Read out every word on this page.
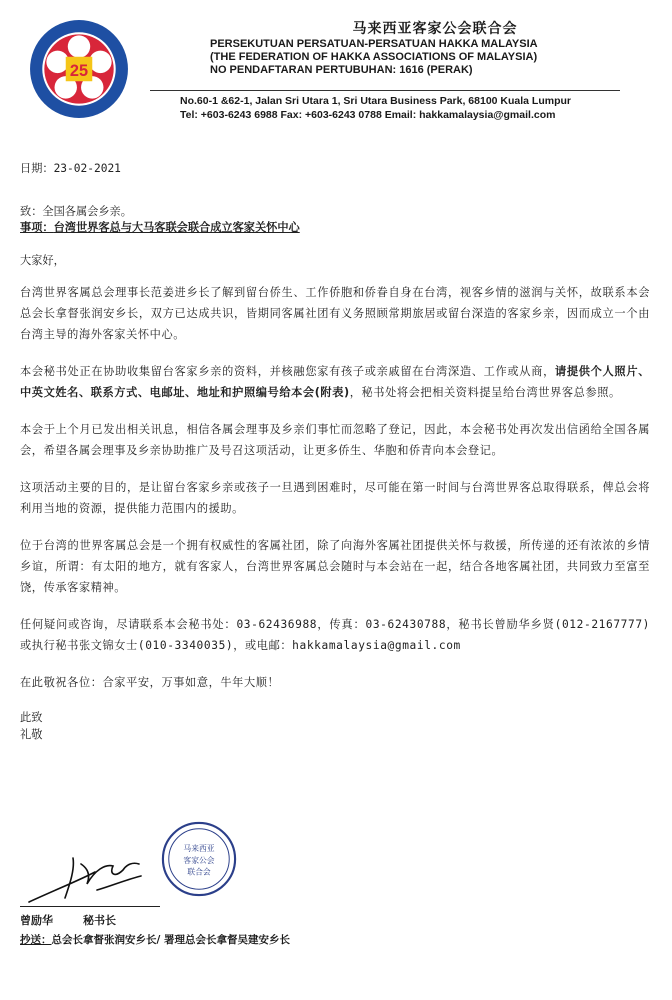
25
马来西亚客家公会联合会
PERSEKUTUAN PERSATUAN-PERSATUAN HAKKA MALAYSIA
(THE FEDERATION OF HAKKA ASSOCIATIONS OF MALAYSIA)
NO PENDAFTARAN PERTUBUHAN: 1616 (PERAK)
No.60-1 &62-1, Jalan Sri Utara 1, Sri Utara Business Park, 68100 Kuala Lumpur
Tel: +603-6243 6988 Fax: +603-6243 0788 Email: hakkamalaysia@gmail.com
日期：23-02-2021
致：全国各属会乡亲。
事项：台湾世界客总与大马客联会联合成立客家关怀中心
大家好，
台湾世界客属总会理事长范姜进乡长了解到留台侨生、工作侨胞和侨眷自身在台湾，视客乡情的滋润与关怀，故联系本会总会长拿督张润安乡长，双方已达成共识，皆期同客属社团有义务照顾常期旅居或留台深造的客家乡亲，因而成立一个由台湾主导的海外客家关怀中心。
本会秘书处正在协助收集留台客家乡亲的资料，并核融您家有孩子或亲戚留在台湾深造、工作或从商，请提供个人照片、中英文姓名、联系方式、电邮址、地址和护照编号给本会(附表)，秘书处将会把相关资料提呈给台湾世界客总参照。
本会于上个月已发出相关讯息，相信各属会理事及乡亲们事忙而忽略了登记，因此，本会秘书处再次发出信函给全国各属会，希望各属会理事及乡亲协助推广及号召这项活动，让更多侨生、华胞和侨青向本会登记。
这项活动主要的目的，是让留台客家乡亲或孩子一旦遇到困难时，尽可能在第一时间与台湾世界客总取得联系，俾总会将利用当地的资源，提供能力范围内的援助。
位于台湾的世界客属总会是一个拥有权威性的客属社团，除了向海外客属社团提供关怀与救援，所传递的还有浓浓的乡情乡谊，所谓：有太阳的地方，就有客家人，台湾世界客属总会随时与本会站在一起，结合各地客属社团，共同致力至富至饶，传承客家精神。
任何疑问或咨询，尽请联系本会秘书处：03-62436988，传真：03-62430788，秘书长曾励华乡贤(012-2167777)或执行秘书张文锦女士(010-3340035)，或电邮：hakkamalaysia@gmail.com
在此敬祝各位：合家平安，万事如意，牛年大顺！
此致
礼敬
马来西亚
客家公会
联合会
曾励华	秘书长
抄送：总会长拿督张润安乡长/ 署理总会长拿督吴建安乡长
